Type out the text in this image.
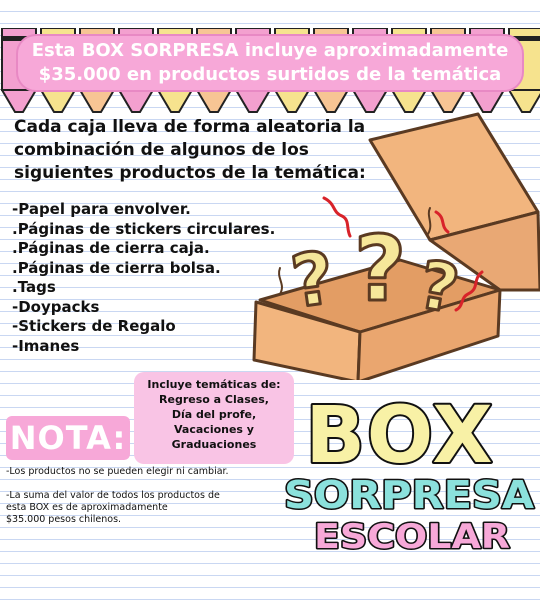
Esta BOX SORPRESA incluye aproximadamente
$35.000 en productos surtidos de la temática
Cada caja lleva de forma aleatoria la
combinación de algunos de los
siguientes productos de la temática:
-Papel para envolver.
.Páginas de stickers circulares.
.Páginas de cierra caja.
.Páginas de cierra bolsa.
.Tags
-Doypacks
-Stickers de Regalo
-Imanes
? ? ?
Incluye temáticas de:
Regreso a Clases,
Día del profe,
Vacaciones y
Graduaciones
NOTA:
-Los productos no se pueden elegir ni cambiar.
-La suma del valor de todos los productos de
esta BOX es de aproximadamente
$35.000 pesos chilenos.
BOX
SORPRESA
ESCOLAR
